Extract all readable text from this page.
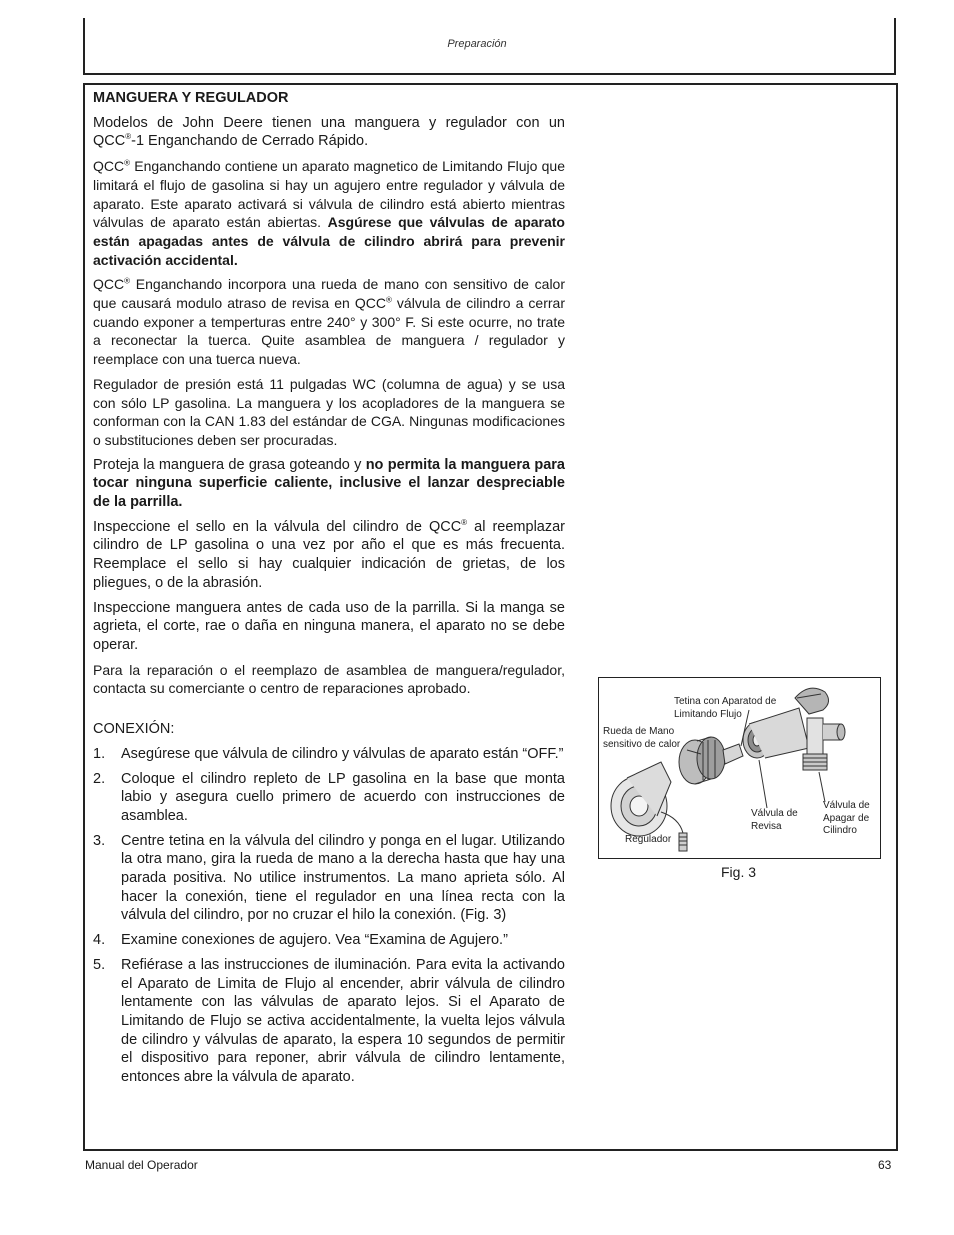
Preparación

MANGUERA Y REGULADOR

Modelos de John Deere tienen una manguera y regulador con un QCC®-1 Enganchando de Cerrado Rápido.

QCC® Enganchando contiene un aparato magnetico de Limitando Flujo que limitará el flujo de gasolina si hay un agujero entre regulador y válvula de aparato. Este aparato activará si válvula de cilindro está abierto mientras válvulas de aparato están abiertas. Asgúrese que válvulas de aparato están apagadas antes de válvula de cilindro abrirá para prevenir activación accidental.

QCC® Enganchando incorpora una rueda de mano con sensitivo de calor que causará modulo atraso de revisa en QCC® válvula de cilindro a cerrar cuando exponer a temperturas entre 240° y 300° F. Si este ocurre, no trate a reconectar la tuerca. Quite asamblea de manguera / regulador y reemplace con una tuerca nueva.

Regulador de presión está 11 pulgadas WC (columna de agua) y se usa con sólo LP gasolina. La manguera y los acopladores de la manguera se conforman con la CAN 1.83 del estándar de CGA. Ningunas modificaciones o substituciones deben ser procuradas.

Proteja la manguera de grasa goteando y no permita la manguera para tocar ninguna superficie caliente, inclusive el lanzar despreciable de la parrilla.

Inspeccione el sello en la válvula del cilindro de QCC® al reemplazar cilindro de LP gasolina o una vez por año el que es más frecuenta. Reemplace el sello si hay cualquier indicación de grietas, de los pliegues, o de la abrasión.

Inspeccione manguera antes de cada uso de la parrilla. Si la manga se agrieta, el corte, rae o daña en ninguna manera, el aparato no se debe operar.

Para la reparación o el reemplazo de asamblea de manguera/regulador, contacta su comerciante o centro de reparaciones aprobado.

CONEXIÓN:

1. Asegúrese que válvula de cilindro y válvulas de aparato están “OFF.”
2. Coloque el cilindro repleto de LP gasolina en la base que monta labio y asegura cuello primero de acuerdo con instrucciones de asamblea.
3. Centre tetina en la válvula del cilindro y ponga en el lugar. Utilizando la otra mano, gira la rueda de mano a la derecha hasta que hay una parada positiva. No utilice instrumentos. La mano aprieta sólo. Al hacer la conexión, tiene el regulador en una línea recta con la válvula del cilindro, por no cruzar el hilo la conexión. (Fig. 3)
4. Examine conexiones de agujero. Vea “Examina de Agujero.”
5. Refiérase a las instrucciones de iluminación. Para evita la activando el Aparato de Limita de Flujo al encender, abrir válvula de cilindro lentamente con las válvulas de aparato lejos. Si el Aparato de Limitando de Flujo se activa accidentalmente, la vuelta lejos válvula de cilindro y válvulas de aparato, la espera 10 segundos de permitir el dispositivo para reponer, abrir válvula de cilindro lentamente, entonces abre la válvula de aparato.
Tetina con Aparatod de Limitando Flujo
Rueda de Mano sensitivo de calor
Válvula de Revisa
Válvula de Apagar de Cilindro
Regulador
Fig. 3
Manual del Operador	63
